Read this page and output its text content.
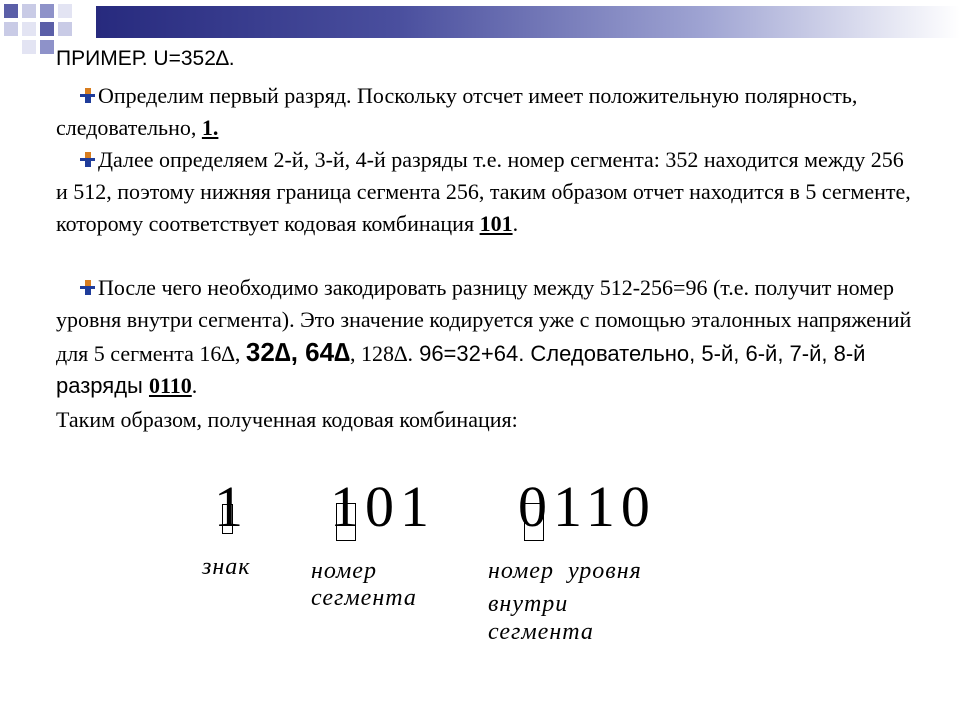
ПРИМЕР. U=352∆.

Определим первый разряд. Поскольку отсчет имеет положительную полярность, следовательно, 1.

Далее определяем 2-й, 3-й, 4-й разряды т.е. номер сегмента: 352 находится между 256 и 512, поэтому нижняя граница сегмента 256, таким образом отчет находится в 5 сегменте, которому соответствует кодовая комбинация 101.

После чего необходимо закодировать разницу между 512-256=96 (т.е. получит номер уровня внутри сегмента). Это значение кодируется уже с помощью эталонных напряжений для 5 сегмента 16∆, 32∆, 64∆, 128∆. 96=32+64. Следовательно, 5-й, 6-й, 7-й, 8-й разряды 0110.

Таким образом, полученная кодовая комбинация:

1 101 0110
знак	номер
сегмента
номер  уровня
внутри
сегмента
